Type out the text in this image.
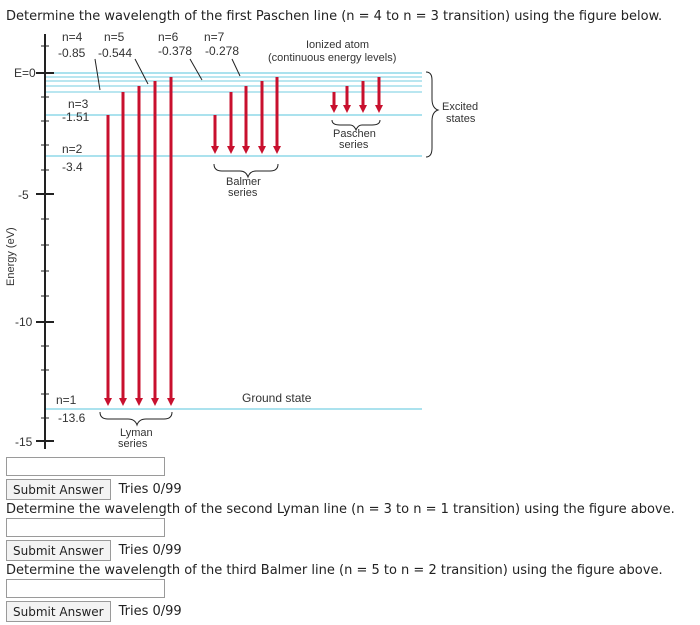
Determine the wavelength of the first Paschen line (n = 4 to n = 3 transition) using the figure below.
n=4 n=5	n=6 n=7
-0.85 -0.544 -0.378 -0.278	Ionized atom
(continuous energy levels)
E=0
n=3
-1.51
n=2
-3.4
n=1
-13.6
-5
-10
-15
Energy (eV)
Paschen
series
Balmer
series
Lyman
series
Excited
states
Ground state
Submit Answer	Tries 0/99
Determine the wavelength of the second Lyman line (n = 3 to n = 1 transition) using the figure above.
Submit Answer	Tries 0/99
Determine the wavelength of the third Balmer line (n = 5 to n = 2 transition) using the figure above.
Submit Answer	Tries 0/99
